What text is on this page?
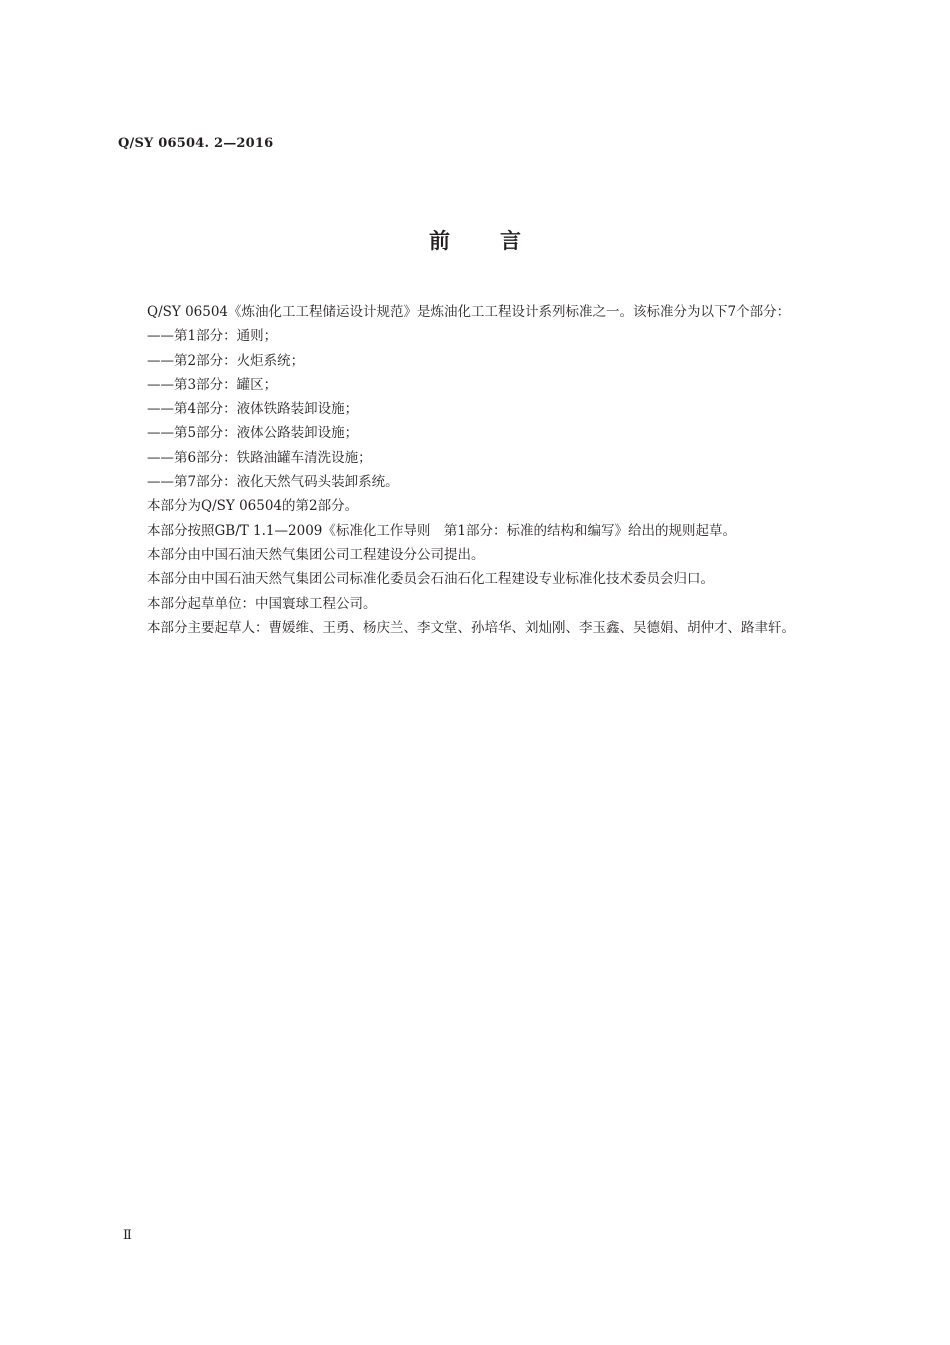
Q/SY 06504. 2—2016
前言

Q/SY 06504《炼油化工工程储运设计规范》是炼油化工工程设计系列标准之一。该标准分为以下7个部分：

——第1部分：通则；
——第2部分：火炬系统；
——第3部分：罐区；
——第4部分：液体铁路装卸设施；
——第5部分：液体公路装卸设施；
——第6部分：铁路油罐车清洗设施；
——第7部分：液化天然气码头装卸系统。

本部分为Q/SY 06504的第2部分。

本部分按照GB/T 1.1—2009《标准化工作导则　第1部分：标准的结构和编写》给出的规则起草。

本部分由中国石油天然气集团公司工程建设分公司提出。

本部分由中国石油天然气集团公司标准化委员会石油石化工程建设专业标准化技术委员会归口。

本部分起草单位：中国寰球工程公司。

本部分主要起草人：曹媛维、王勇、杨庆兰、李文堂、孙培华、刘灿刚、李玉鑫、吴德娟、胡仲才、路聿轩。

Ⅱ
